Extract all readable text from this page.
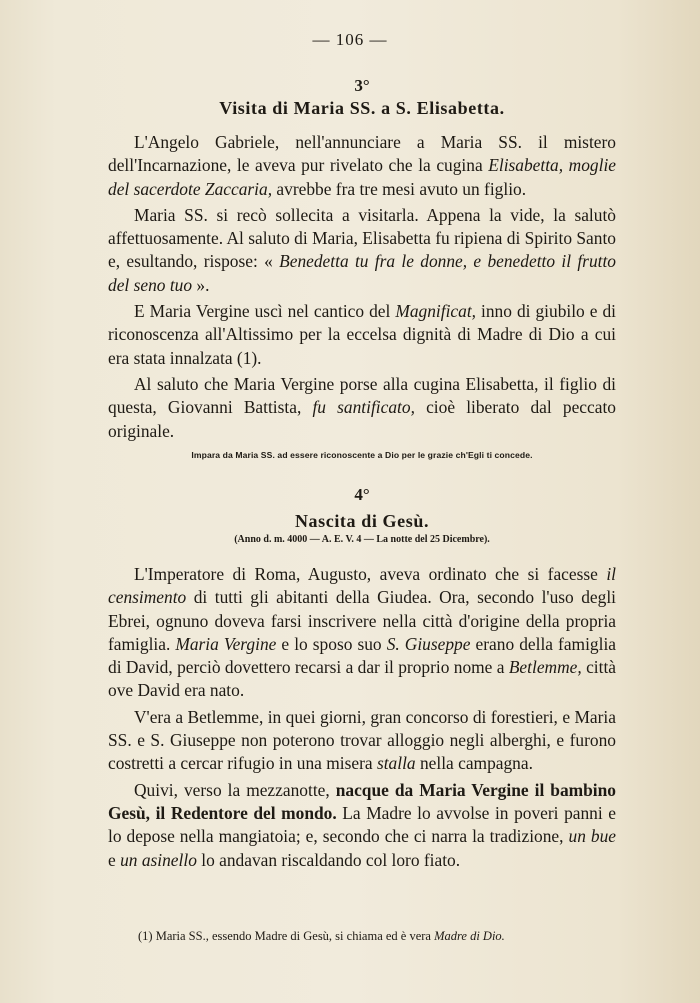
— 106 —
3°
Visita di Maria SS. a S. Elisabetta.

L'Angelo Gabriele, nell'annunciare a Maria SS. il mistero dell'Incarnazione, le aveva pur rivelato che la cugina Elisabetta, moglie del sacerdote Zaccaria, avrebbe fra tre mesi avuto un figlio.

Maria SS. si recò sollecita a visitarla. Appena la vide, la salutò affettuosamente. Al saluto di Maria, Elisabetta fu ripiena di Spirito Santo e, esultando, rispose: « Benedetta tu fra le donne, e benedetto il frutto del seno tuo ».

E Maria Vergine uscì nel cantico del Magnificat, inno di giubilo e di riconoscenza all'Altissimo per la eccelsa dignità di Madre di Dio a cui era stata innalzata (1).

Al saluto che Maria Vergine porse alla cugina Elisabetta, il figlio di questa, Giovanni Battista, fu santificato, cioè liberato dal peccato originale.

Impara da Maria SS. ad essere riconoscente a Dio per le grazie ch'Egli ti concede.
4°
Nascita di Gesù.
(Anno d. m. 4000 — A. E. V. 4 — La notte del 25 Dicembre).

L'Imperatore di Roma, Augusto, aveva ordinato che si facesse il censimento di tutti gli abitanti della Giudea. Ora, secondo l'uso degli Ebrei, ognuno doveva farsi inscrivere nella città d'origine della propria famiglia. Maria Vergine e lo sposo suo S. Giuseppe erano della famiglia di David, perciò dovettero recarsi a dar il proprio nome a Betlemme, città ove David era nato.

V'era a Betlemme, in quei giorni, gran concorso di forestieri, e Maria SS. e S. Giuseppe non poterono trovar alloggio negli alberghi, e furono costretti a cercar rifugio in una misera stalla nella campagna.

Quivi, verso la mezzanotte, nacque da Maria Vergine il bambino Gesù, il Redentore del mondo. La Madre lo avvolse in poveri panni e lo depose nella mangiatoia; e, secondo che ci narra la tradizione, un bue e un asinello lo andavan riscaldando col loro fiato.

(1) Maria SS., essendo Madre di Gesù, si chiama ed è vera Madre di Dio.
